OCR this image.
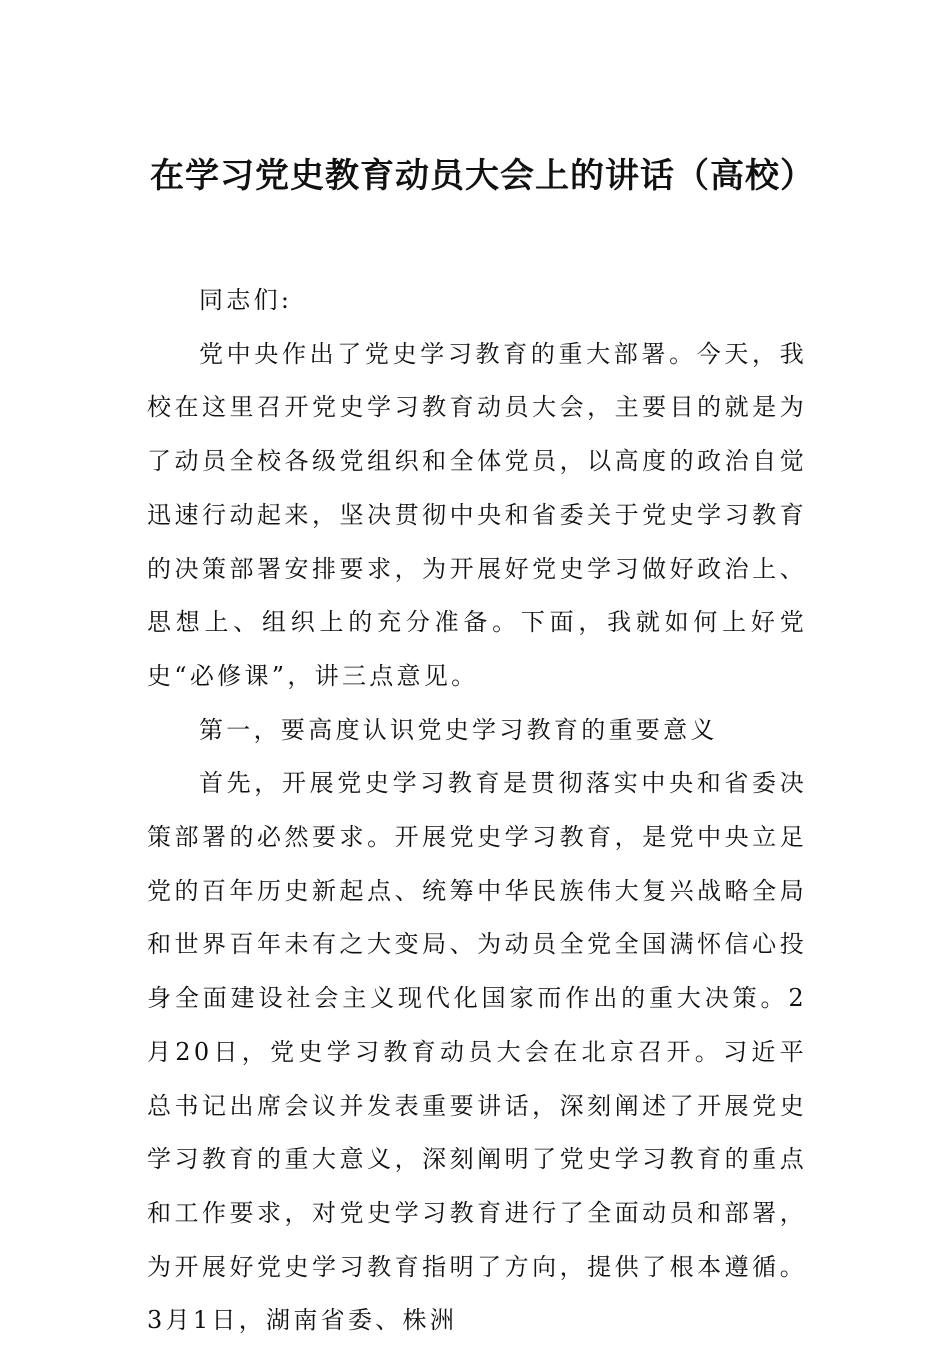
在学习党史教育动员大会上的讲话（高校）

同志们:

党中央作出了党史学习教育的重大部署。今天，我校在这里召开党史学习教育动员大会，主要目的就是为了动员全校各级党组织和全体党员，以高度的政治自觉迅速行动起来，坚决贯彻中央和省委关于党史学习教育的决策部署安排要求，为开展好党史学习做好政治上、思想上、组织上的充分准备。下面，我就如何上好党史“必修课”，讲三点意见。

第一，要高度认识党史学习教育的重要意义

首先，开展党史学习教育是贯彻落实中央和省委决策部署的必然要求。开展党史学习教育，是党中央立足党的百年历史新起点、统筹中华民族伟大复兴战略全局和世界百年未有之大变局、为动员全党全国满怀信心投身全面建设社会主义现代化国家而作出的重大决策。2月20日，党史学习教育动员大会在北京召开。习近平总书记出席会议并发表重要讲话，深刻阐述了开展党史学习教育的重大意义，深刻阐明了党史学习教育的重点和工作要求，对党史学习教育进行了全面动员和部署，为开展好党史学习教育指明了方向，提供了根本遵循。3月1日，湖南省委、株洲
